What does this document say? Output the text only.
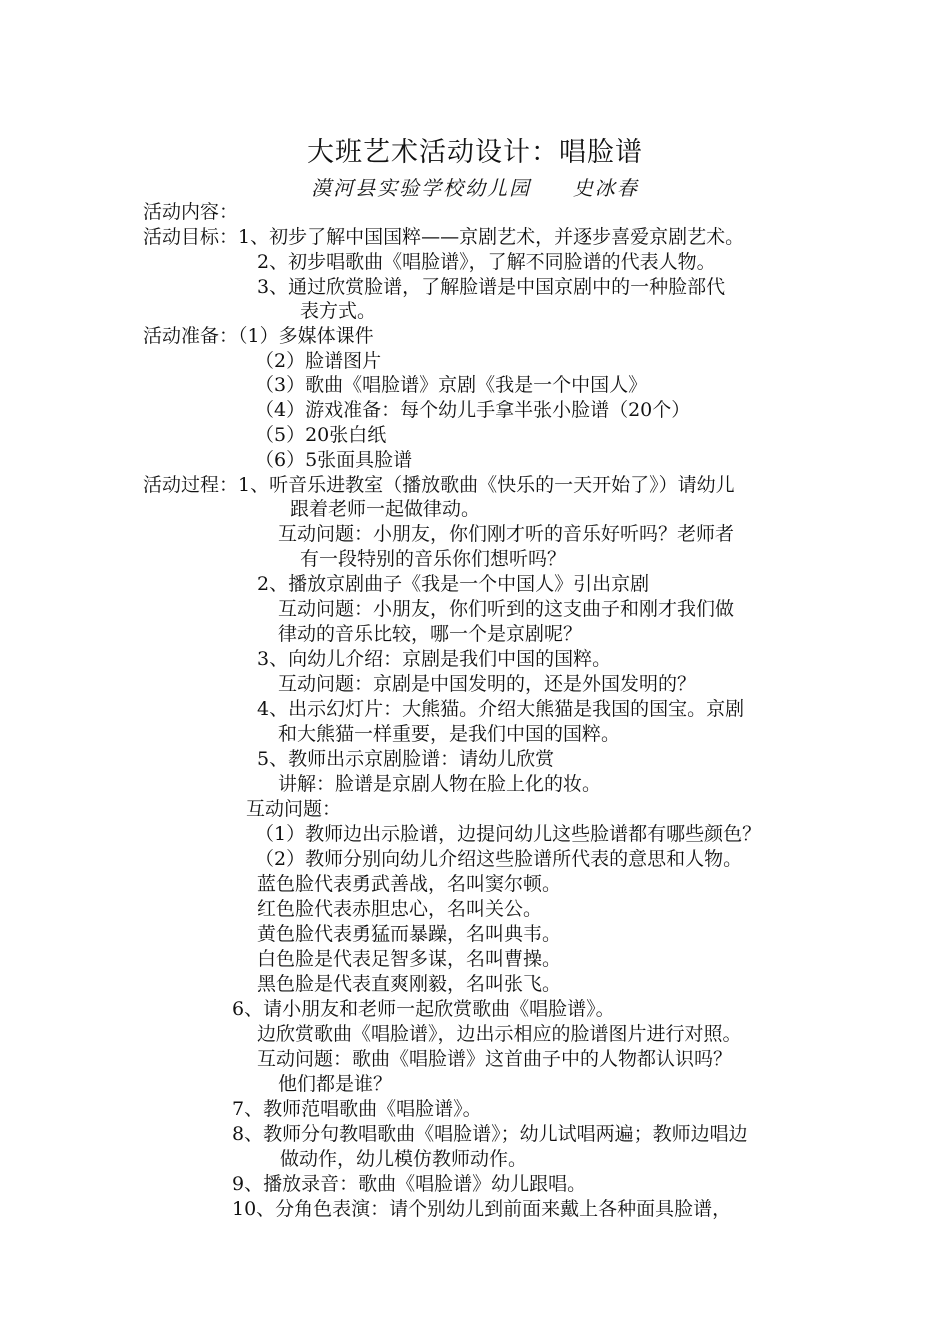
大班艺术活动设计：唱脸谱
漠河县实验学校幼儿园     史冰春
活动内容：
活动目标：1、初步了解中国国粹——京剧艺术，并逐步喜爱京剧艺术。
2、初步唱歌曲《唱脸谱》，了解不同脸谱的代表人物。
3、通过欣赏脸谱，了解脸谱是中国京剧中的一种脸部代
表方式。
活动准备：（1）多媒体课件
（2）脸谱图片
（3）歌曲《唱脸谱》京剧《我是一个中国人》
（4）游戏准备：每个幼儿手拿半张小脸谱（20个）
（5）20张白纸
（6）5张面具脸谱
活动过程：1、听音乐进教室（播放歌曲《快乐的一天开始了》）请幼儿
跟着老师一起做律动。
互动问题：小朋友，你们刚才听的音乐好听吗？老师者
有一段特别的音乐你们想听吗？
2、播放京剧曲子《我是一个中国人》引出京剧
互动问题：小朋友，你们听到的这支曲子和刚才我们做
律动的音乐比较，哪一个是京剧呢？
3、向幼儿介绍：京剧是我们中国的国粹。
互动问题：京剧是中国发明的，还是外国发明的？
4、出示幻灯片：大熊猫。介绍大熊猫是我国的国宝。京剧
和大熊猫一样重要，是我们中国的国粹。
5、教师出示京剧脸谱：请幼儿欣赏
讲解：脸谱是京剧人物在脸上化的妆。
互动问题：
（1）教师边出示脸谱，边提问幼儿这些脸谱都有哪些颜色？
（2）教师分别向幼儿介绍这些脸谱所代表的意思和人物。
蓝色脸代表勇武善战，名叫窦尔顿。
红色脸代表赤胆忠心，名叫关公。
黄色脸代表勇猛而暴躁，名叫典韦。
白色脸是代表足智多谋，名叫曹操。
黑色脸是代表直爽刚毅，名叫张飞。
6、请小朋友和老师一起欣赏歌曲《唱脸谱》。
边欣赏歌曲《唱脸谱》，边出示相应的脸谱图片进行对照。
互动问题：歌曲《唱脸谱》这首曲子中的人物都认识吗？
他们都是谁？
7、教师范唱歌曲《唱脸谱》。
8、教师分句教唱歌曲《唱脸谱》；幼儿试唱两遍；教师边唱边
做动作，幼儿模仿教师动作。
9、播放录音：歌曲《唱脸谱》幼儿跟唱。
10、分角色表演：请个别幼儿到前面来戴上各种面具脸谱，
